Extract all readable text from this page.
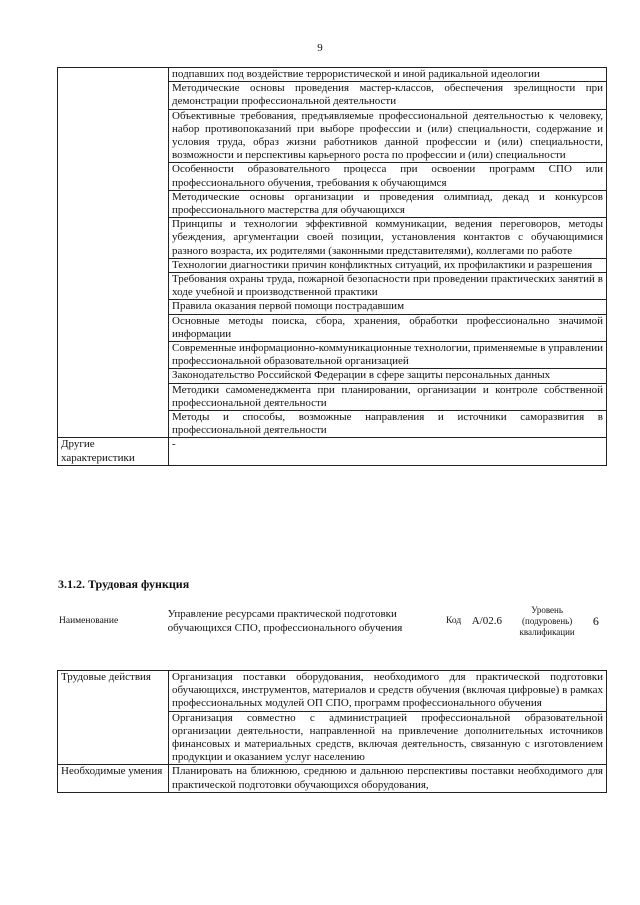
9
	подпавших под воздействие террористической и иной радикальной идеологии
	Методические основы проведения мастер-классов, обеспечения зрелищности при демонстрации профессиональной деятельности
	Объективные требования, предъявляемые профессиональной деятельностью к человеку, набор противопоказаний при выборе профессии и (или) специальности, содержание и условия труда, образ жизни работников данной профессии и (или) специальности, возможности и перспективы карьерного роста по профессии и (или) специальности
	Особенности образовательного процесса при освоении программ СПО или профессионального обучения, требования к обучающимся
	Методические основы организации и проведения олимпиад, декад и конкурсов профессионального мастерства для обучающихся
	Принципы и технологии эффективной коммуникации, ведения переговоров, методы убеждения, аргументации своей позиции, установления контактов с обучающимися разного возраста, их родителями (законными представителями), коллегами по работе
	Технологии диагностики причин конфликтных ситуаций, их профилактики и разрешения
	Требования охраны труда, пожарной безопасности при проведении практических занятий в ходе учебной и производственной практики
	Правила оказания первой помощи пострадавшим
	Основные методы поиска, сбора, хранения, обработки профессионально значимой информации
	Современные информационно-коммуникационные технологии, применяемые в управлении профессиональной образовательной организацией
	Законодательство Российской Федерации в сфере защиты персональных данных
	Методики самоменеджмента при планировании, организации и контроле собственной профессиональной деятельности
	Методы и способы, возможные направления и источники саморазвития в профессиональной деятельности
Другие характеристики	-
3.1.2. Трудовая функция
Наименование	Управление ресурсами практической подготовки обучающихся СПО, профессионального обучения	Код	A/02.6	Уровень (подуровень) квалификации	6
Трудовые действия	Организация поставки оборудования, необходимого для практической подготовки обучающихся, инструментов, материалов и средств обучения (включая цифровые) в рамках профессиональных модулей ОП СПО, программ профессионального обучения
	Организация совместно с администрацией профессиональной образовательной организации деятельности, направленной на привлечение дополнительных источников финансовых и материальных средств, включая деятельность, связанную с изготовлением продукции и оказанием услуг населению
Необходимые умения	Планировать на ближнюю, среднюю и дальнюю перспективы поставки необходимого для практической подготовки обучающихся оборудования,
